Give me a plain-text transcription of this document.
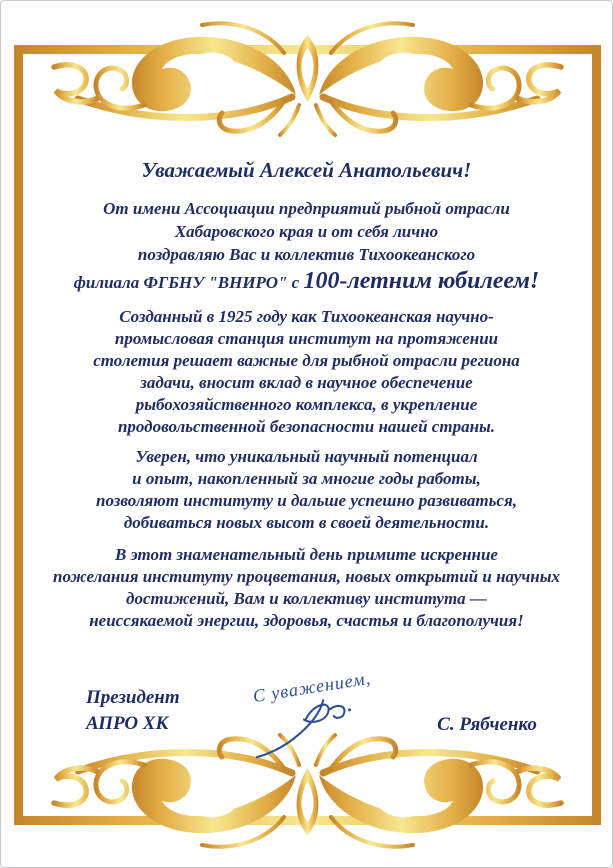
Уважаемый Алексей Анатольевич!

От имени Ассоциации предприятий рыбной отрасли
Хабаровского края и от себя лично
поздравляю Вас и коллектив Тихоокеанского
филиала ФГБНУ "ВНИРО" с 100-летним юбилеем!

Созданный в 1925 году как Тихоокеанская научно-
промысловая станция институт на протяжении
столетия решает важные для рыбной отрасли региона
задачи, вносит вклад в научное обеспечение
рыбохозяйственного комплекса, в укрепление
продовольственной безопасности нашей страны.

Уверен, что уникальный научный потенциал
и опыт, накопленный за многие годы работы,
позволяют институту и дальше успешно развиваться,
добиваться новых высот в своей деятельности.

В этот знаменательный день примите искренние
пожелания институту процветания, новых открытий и научных
достижений, Вам и коллективу института —
неиссякаемой энергии, здоровья, счастья и благополучия!

Президент
АПРО ХК
С уважением,
С. Рябченко
